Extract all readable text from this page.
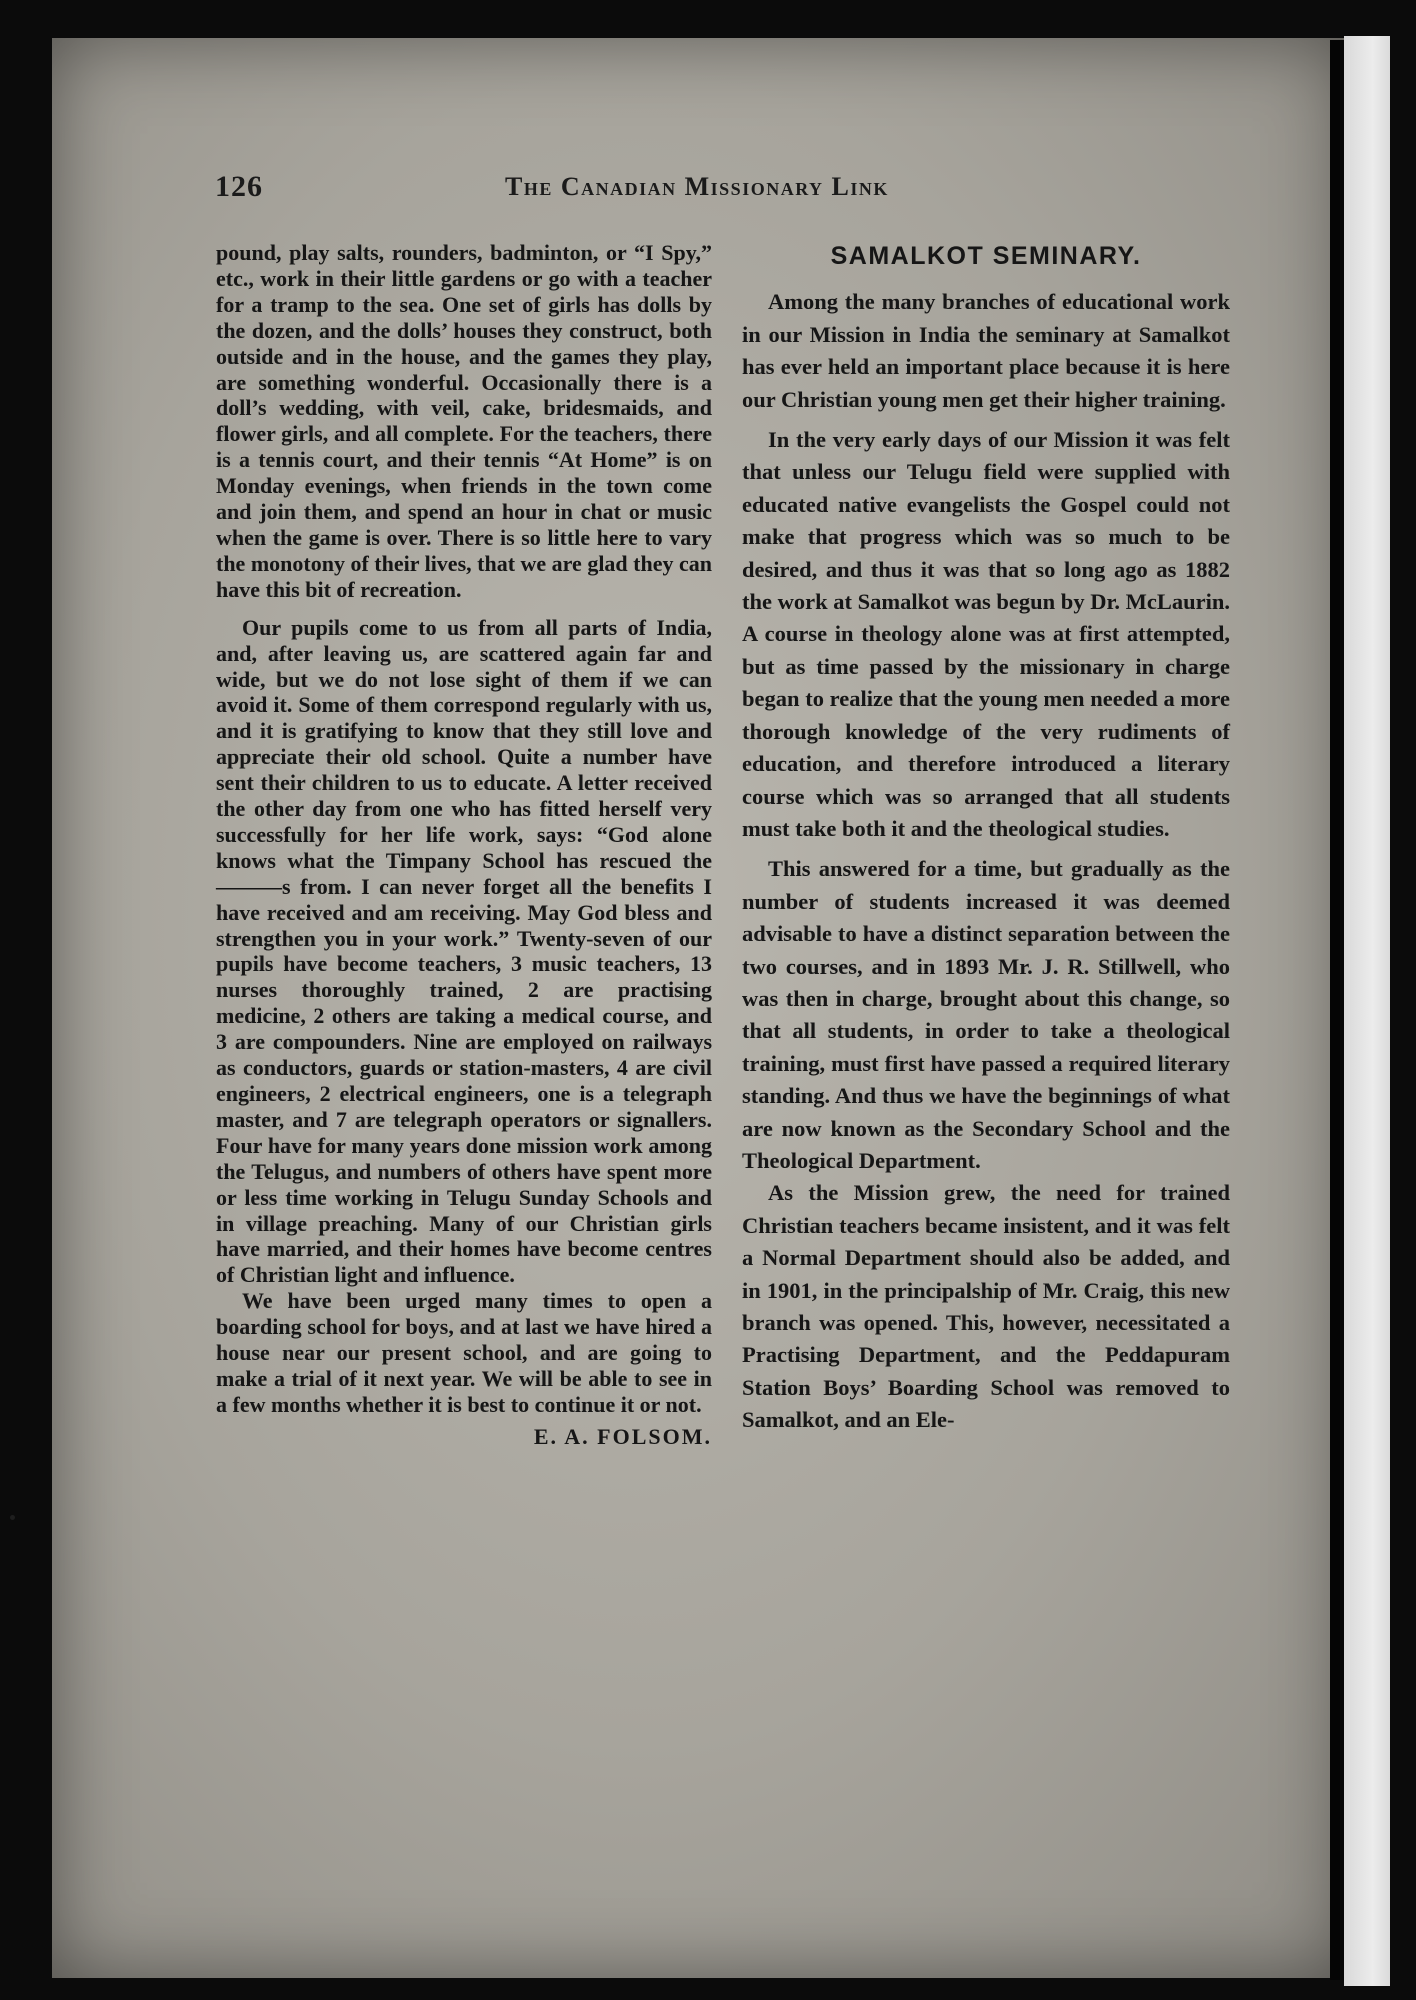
126	The Canadian Missionary Link

pound, play salts, rounders, badminton, or “I Spy,” etc., work in their little gardens or go with a teacher for a tramp to the sea. One set of girls has dolls by the dozen, and the dolls’ houses they construct, both outside and in the house, and the games they play, are something wonderful. Occasionally there is a doll’s wedding, with veil, cake, bridesmaids, and flower girls, and all complete. For the teachers, there is a tennis court, and their tennis “At Home” is on Monday evenings, when friends in the town come and join them, and spend an hour in chat or music when the game is over. There is so little here to vary the monotony of their lives, that we are glad they can have this bit of recreation.

Our pupils come to us from all parts of India, and, after leaving us, are scattered again far and wide, but we do not lose sight of them if we can avoid it. Some of them correspond regularly with us, and it is gratifying to know that they still love and appreciate their old school. Quite a number have sent their children to us to educate. A letter received the other day from one who has fitted herself very successfully for her life work, says: “God alone knows what the Timpany School has rescued the ———s from. I can never forget all the benefits I have received and am receiving. May God bless and strengthen you in your work.” Twenty-seven of our pupils have become teachers, 3 music teachers, 13 nurses thoroughly trained, 2 are practising medicine, 2 others are taking a medical course, and 3 are compounders. Nine are employed on railways as conductors, guards or station-masters, 4 are civil engineers, 2 electrical engineers, one is a telegraph master, and 7 are telegraph operators or signallers. Four have for many years done mission work among the Telugus, and numbers of others have spent more or less time working in Telugu Sunday Schools and in village preaching. Many of our Christian girls have married, and their homes have become centres of Christian light and influence.

We have been urged many times to open a boarding school for boys, and at last we have hired a house near our present school, and are going to make a trial of it next year. We will be able to see in a few months whether it is best to continue it or not.

E. A. FOLSOM.
SAMALKOT SEMINARY.

Among the many branches of educational work in our Mission in India the seminary at Samalkot has ever held an important place because it is here our Christian young men get their higher training.

In the very early days of our Mission it was felt that unless our Telugu field were supplied with educated native evangelists the Gospel could not make that progress which was so much to be desired, and thus it was that so long ago as 1882 the work at Samalkot was begun by Dr. McLaurin. A course in theology alone was at first attempted, but as time passed by the missionary in charge began to realize that the young men needed a more thorough knowledge of the very rudiments of education, and therefore introduced a literary course which was so arranged that all students must take both it and the theological studies.

This answered for a time, but gradually as the number of students increased it was deemed advisable to have a distinct separation between the two courses, and in 1893 Mr. J. R. Stillwell, who was then in charge, brought about this change, so that all students, in order to take a theological training, must first have passed a required literary standing. And thus we have the beginnings of what are now known as the Secondary School and the Theological Department.

As the Mission grew, the need for trained Christian teachers became insistent, and it was felt a Normal Department should also be added, and in 1901, in the principalship of Mr. Craig, this new branch was opened. This, however, necessitated a Practising Department, and the Peddapuram Station Boys’ Boarding School was removed to Samalkot, and an Ele-
